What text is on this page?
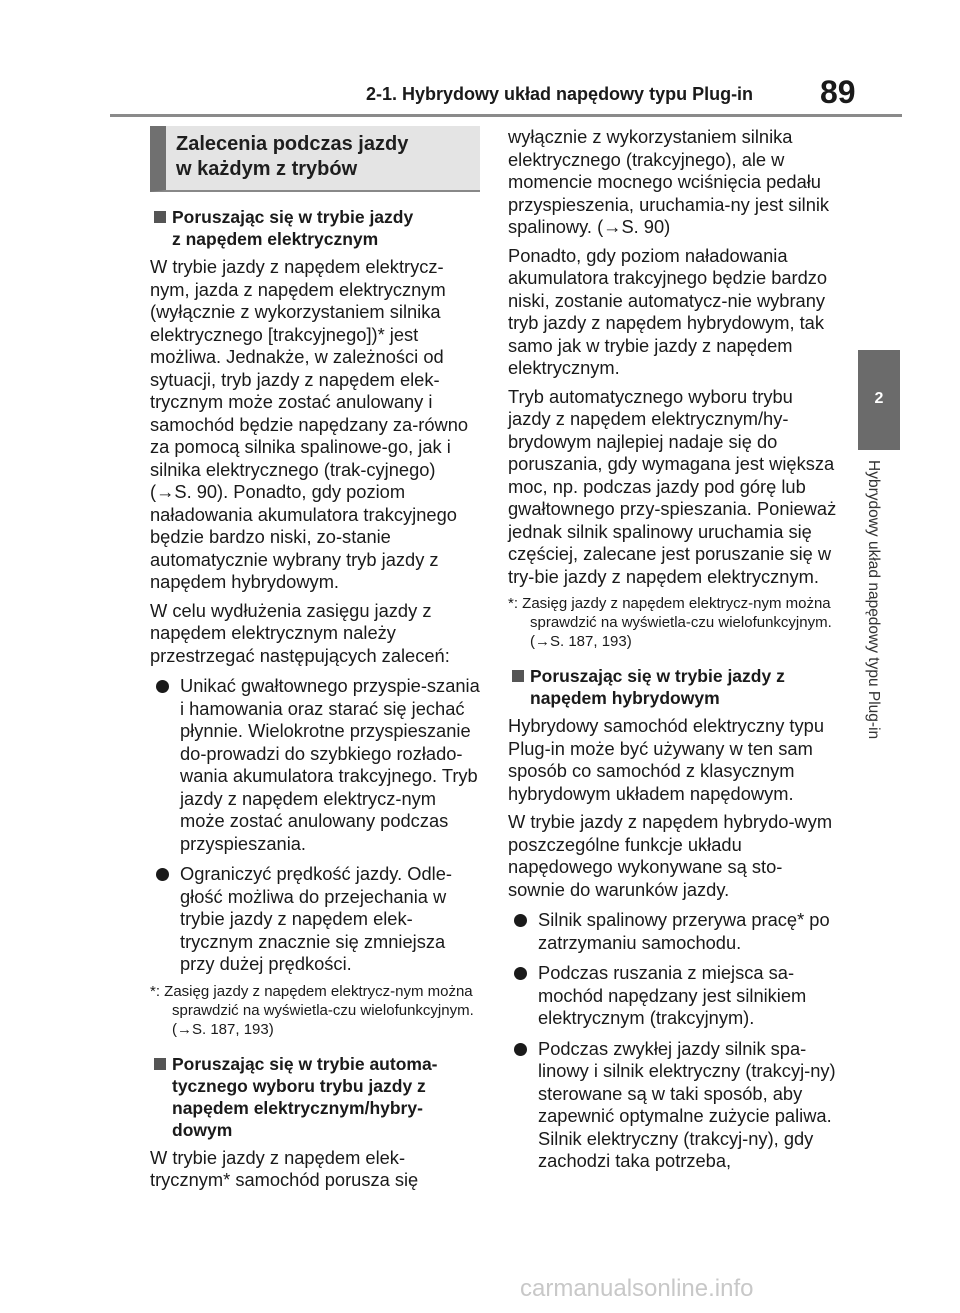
2-1. Hybrydowy układ napędowy typu Plug-in 89
2
Hybrydowy układ napędowy typu Plug-in
Zalecenia podczas jazdy
w każdym z trybów
Poruszając się w trybie jazdy
z napędem elektrycznym

W trybie jazdy z napędem elektrycz-nym, jazda z napędem elektrycznym (wyłącznie z wykorzystaniem silnika elektrycznego [trakcyjnego])* jest możliwa. Jednakże, w zależności od sytuacji, tryb jazdy z napędem elek-trycznym może zostać anulowany i samochód będzie napędzany za-równo za pomocą silnika spalinowe-go, jak i silnika elektrycznego (trak-cyjnego) (→S. 90). Ponadto, gdy poziom naładowania akumulatora trakcyjnego będzie bardzo niski, zo-stanie automatycznie wybrany tryb jazdy z napędem hybrydowym.

W celu wydłużenia zasięgu jazdy z napędem elektrycznym należy przestrzegać następujących zaleceń:

Unikać gwałtownego przyspie-szania i hamowania oraz starać się jechać płynnie. Wielokrotne przyspieszanie do-prowadzi do szybkiego rozłado-wania akumulatora trakcyjnego. Tryb jazdy z napędem elektrycz-nym może zostać anulowany podczas przyspieszania.
Ograniczyć prędkość jazdy. Odle-głość możliwa do przejechania w trybie jazdy z napędem elek-trycznym znacznie się zmniejsza przy dużej prędkości.
*: Zasięg jazdy z napędem elektrycz-nym można sprawdzić na wyświetla-czu wielofunkcyjnym. (→S. 187, 193)
Poruszając się w trybie automa-tycznego wyboru trybu jazdy z napędem elektrycznym/hybry-dowym

W trybie jazdy z napędem elek-trycznym* samochód porusza się

wyłącznie z wykorzystaniem silnika elektrycznego (trakcyjnego), ale w momencie mocnego wciśnięcia pedału przyspieszenia, uruchamia-ny jest silnik spalinowy. (→S. 90)

Ponadto, gdy poziom naładowania akumulatora trakcyjnego będzie bardzo niski, zostanie automatycz-nie wybrany tryb jazdy z napędem hybrydowym, tak samo jak w trybie jazdy z napędem elektrycznym.

Tryb automatycznego wyboru trybu jazdy z napędem elektrycznym/hy-brydowym najlepiej nadaje się do poruszania, gdy wymagana jest większa moc, np. podczas jazdy pod górę lub gwałtownego przy-spieszania. Ponieważ jednak silnik spalinowy uruchamia się częściej, zalecane jest poruszanie się w try-bie jazdy z napędem elektrycznym.

*: Zasięg jazdy z napędem elektrycz-nym można sprawdzić na wyświetla-czu wielofunkcyjnym. (→S. 187, 193)
Poruszając się w trybie jazdy z napędem hybrydowym

Hybrydowy samochód elektryczny typu Plug-in może być używany w ten sam sposób co samochód z klasycznym hybrydowym układem napędowym.

W trybie jazdy z napędem hybrydo-wym poszczególne funkcje układu napędowego wykonywane są sto-sownie do warunków jazdy.

Silnik spalinowy przerywa pracę* po zatrzymaniu samochodu.
Podczas ruszania z miejsca sa-mochód napędzany jest silnikiem elektrycznym (trakcyjnym).
Podczas zwykłej jazdy silnik spa-linowy i silnik elektryczny (trakcyj-ny) sterowane są w taki sposób, aby zapewnić optymalne zużycie paliwa. Silnik elektryczny (trakcyj-ny), gdy zachodzi taka potrzeba,
carmanualsonline.info
